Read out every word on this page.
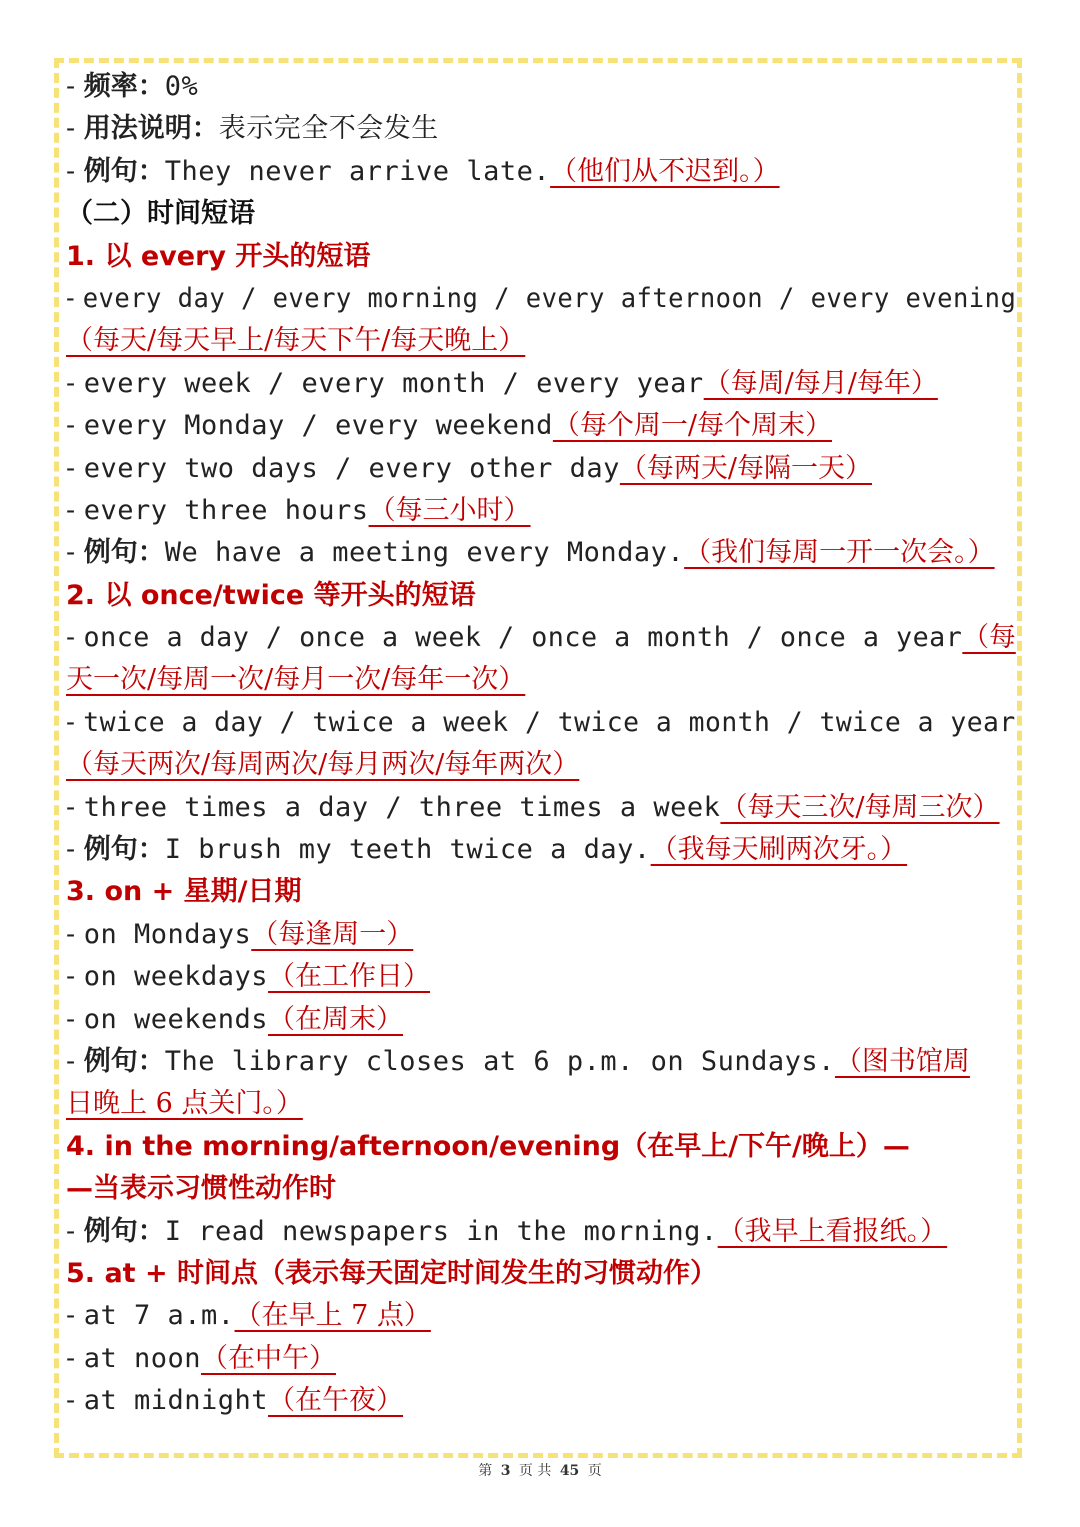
- 频率：0%
- 用法说明：表示完全不会发生
- 例句：They never arrive late.（他们从不迟到。）
（二）时间短语
1. 以 every 开头的短语
- every day / every morning / every afternoon / every evening
（每天/每天早上/每天下午/每天晚上）
- every week / every month / every year（每周/每月/每年）
- every Monday / every weekend（每个周一/每个周末）
- every two days / every other day（每两天/每隔一天）
- every three hours（每三小时）
- 例句：We have a meeting every Monday.（我们每周一开一次会。）
2. 以 once/twice 等开头的短语
- once a day / once a week / once a month / once a year（每
天一次/每周一次/每月一次/每年一次）
- twice a day / twice a week / twice a month / twice a year
（每天两次/每周两次/每月两次/每年两次）
- three times a day / three times a week（每天三次/每周三次）
- 例句：I brush my teeth twice a day.（我每天刷两次牙。）
3. on + 星期/日期
- on Mondays（每逢周一）
- on weekdays（在工作日）
- on weekends（在周末）
- 例句：The library closes at 6 p.m. on Sundays.（图书馆周
日晚上 6 点关门。）
4. in the morning/afternoon/evening（在早上/下午/晚上）—
—当表示习惯性动作时
- 例句：I read newspapers in the morning.（我早上看报纸。）
5. at + 时间点（表示每天固定时间发生的习惯动作）
- at 7 a.m.（在早上 7 点）
- at noon（在中午）
- at midnight（在午夜）
第 3 页 共 45 页
